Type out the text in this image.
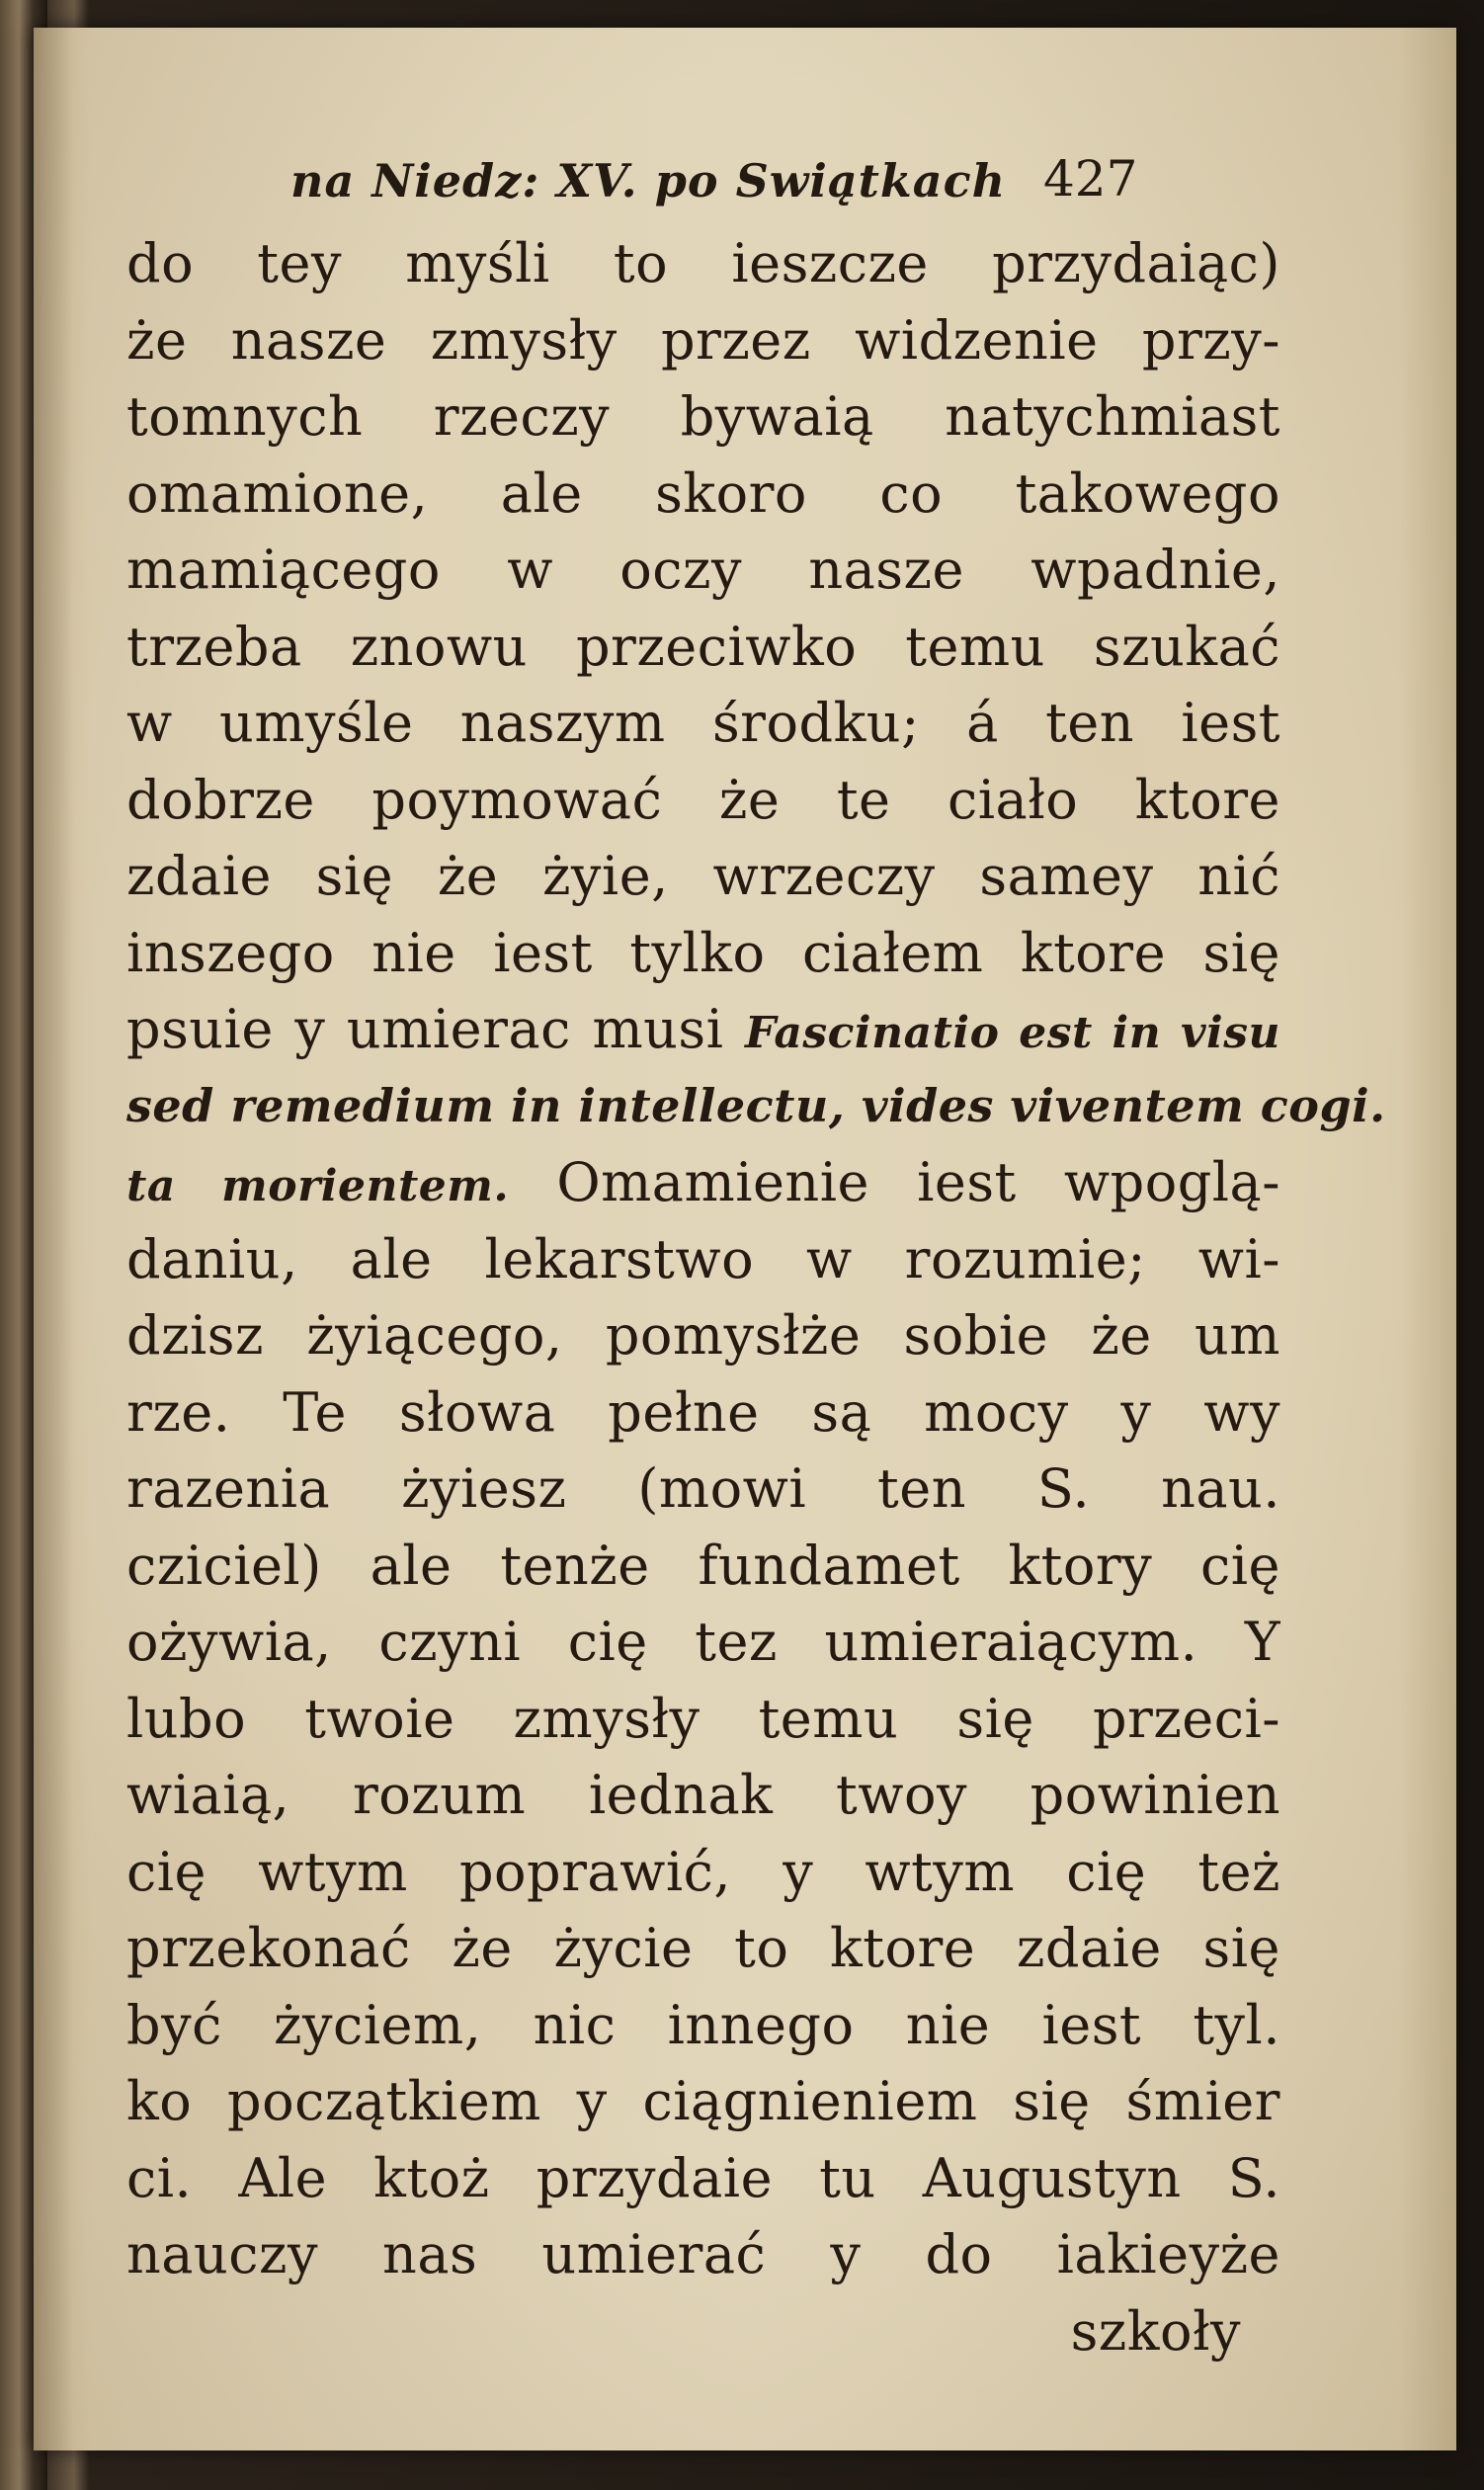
na Niedz: XV. po Swiątkach 427
do tey myśli to ieszcze przydaiąc)
że nasze zmysły przez widzenie przy-
tomnych rzeczy bywaią natychmiast
omamione, ale skoro co takowego
mamiącego w oczy nasze wpadnie,
trzeba znowu przeciwko temu szukać
w umyśle naszym środku; á ten iest
dobrze poymować że te ciało ktore
zdaie się że żyie, wrzeczy samey nić
inszego nie iest tylko ciałem ktore się
psuie y umierac musi Fascinatio est in visu
sed remedium in intellectu, vides viventem cogi.
ta morientem. Omamienie iest wpoglą-
daniu, ale lekarstwo w rozumie; wi-
dzisz żyiącego, pomysłże sobie że um
rze. Te słowa pełne są mocy y wy
razenia żyiesz (mowi ten S. nau.
cziciel) ale tenże fundamet ktory cię
ożywia, czyni cię tez umieraiącym. Y
lubo twoie zmysły temu się przeci-
wiaią, rozum iednak twoy powinien
cię wtym poprawić, y wtym cię też
przekonać że życie to ktore zdaie się
być życiem, nic innego nie iest tyl.
ko początkiem y ciągnieniem się śmier
ci. Ale ktoż przydaie tu Augustyn S.
nauczy nas umierać y do iakieyże
szkoły
